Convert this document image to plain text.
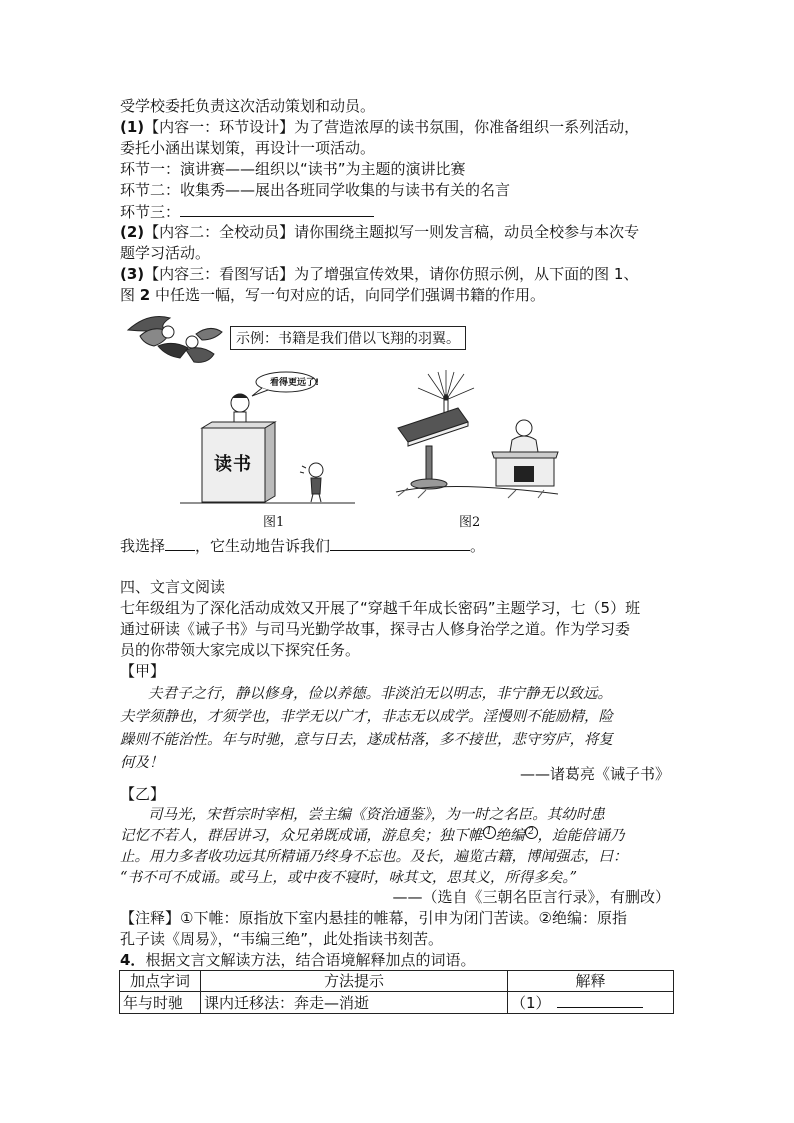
受学校委托负责这次活动策划和动员。
(1)【内容一：环节设计】为了营造浓厚的读书氛围，你准备组织一系列活动，
委托小涵出谋划策，再设计一项活动。
环节一：演讲赛——组织以“读书”为主题的演讲比赛
环节二：收集秀——展出各班同学收集的与读书有关的名言
环节三：
(2)【内容二：全校动员】请你围绕主题拟写一则发言稿，动员全校参与本次专
题学习活动。
(3)【内容三：看图写话】为了增强宣传效果，请你仿照示例，从下面的图 1、
图 2 中任选一幅，写一句对应的话，向同学们强调书籍的作用。
示例：书籍是我们借以飞翔的羽翼。
看得更远了!
读书
图1	图2
我选择 ，它生动地告诉我们	。
四、文言文阅读
七年级组为了深化活动成效又开展了“穿越千年成长密码”主题学习，七（5）班
通过研读《诫子书》与司马光勤学故事，探寻古人修身治学之道。作为学习委
员的你带领大家完成以下探究任务。
【甲】
夫君子之行，静以修身，俭以养德。非淡泊无以明志，非宁静无以致远。
夫学须静也，才须学也，非学无以广才，非志无以成学。淫慢则不能励精，险
躁则不能治性。年与时驰，意与日去，遂成枯落，多不接世，悲守穷庐，将复
何及！
——诸葛亮《诫子书》
【乙】
司马光，宋哲宗时宰相，尝主编《资治通鉴》，为一时之名臣。其幼时患
记忆不若人，群居讲习，众兄弟既成诵，游息矣；独下帷 $^1$ 绝编 $^2$ ，迨能倍诵乃
止。用力多者收功远其所精诵乃终身不忘也。及长，遍览古籍，博闻强志，曰：
“书不可不成诵。或马上，或中夜不寝时，咏其文，思其义，所得多矣。”
——（选自《三朝名臣言行录》，有删改）
【注释】①下帷：原指放下室内悬挂的帷幕，引申为闭门苦读。②绝编：原指
孔子读《周易》，“韦编三绝”，此处指读书刻苦。
4．根据文言文解读方法，结合语境解释加点的词语。
加点字词	方法提示	解释
年与时驰	课内迁移法：奔走—消逝	（1）
